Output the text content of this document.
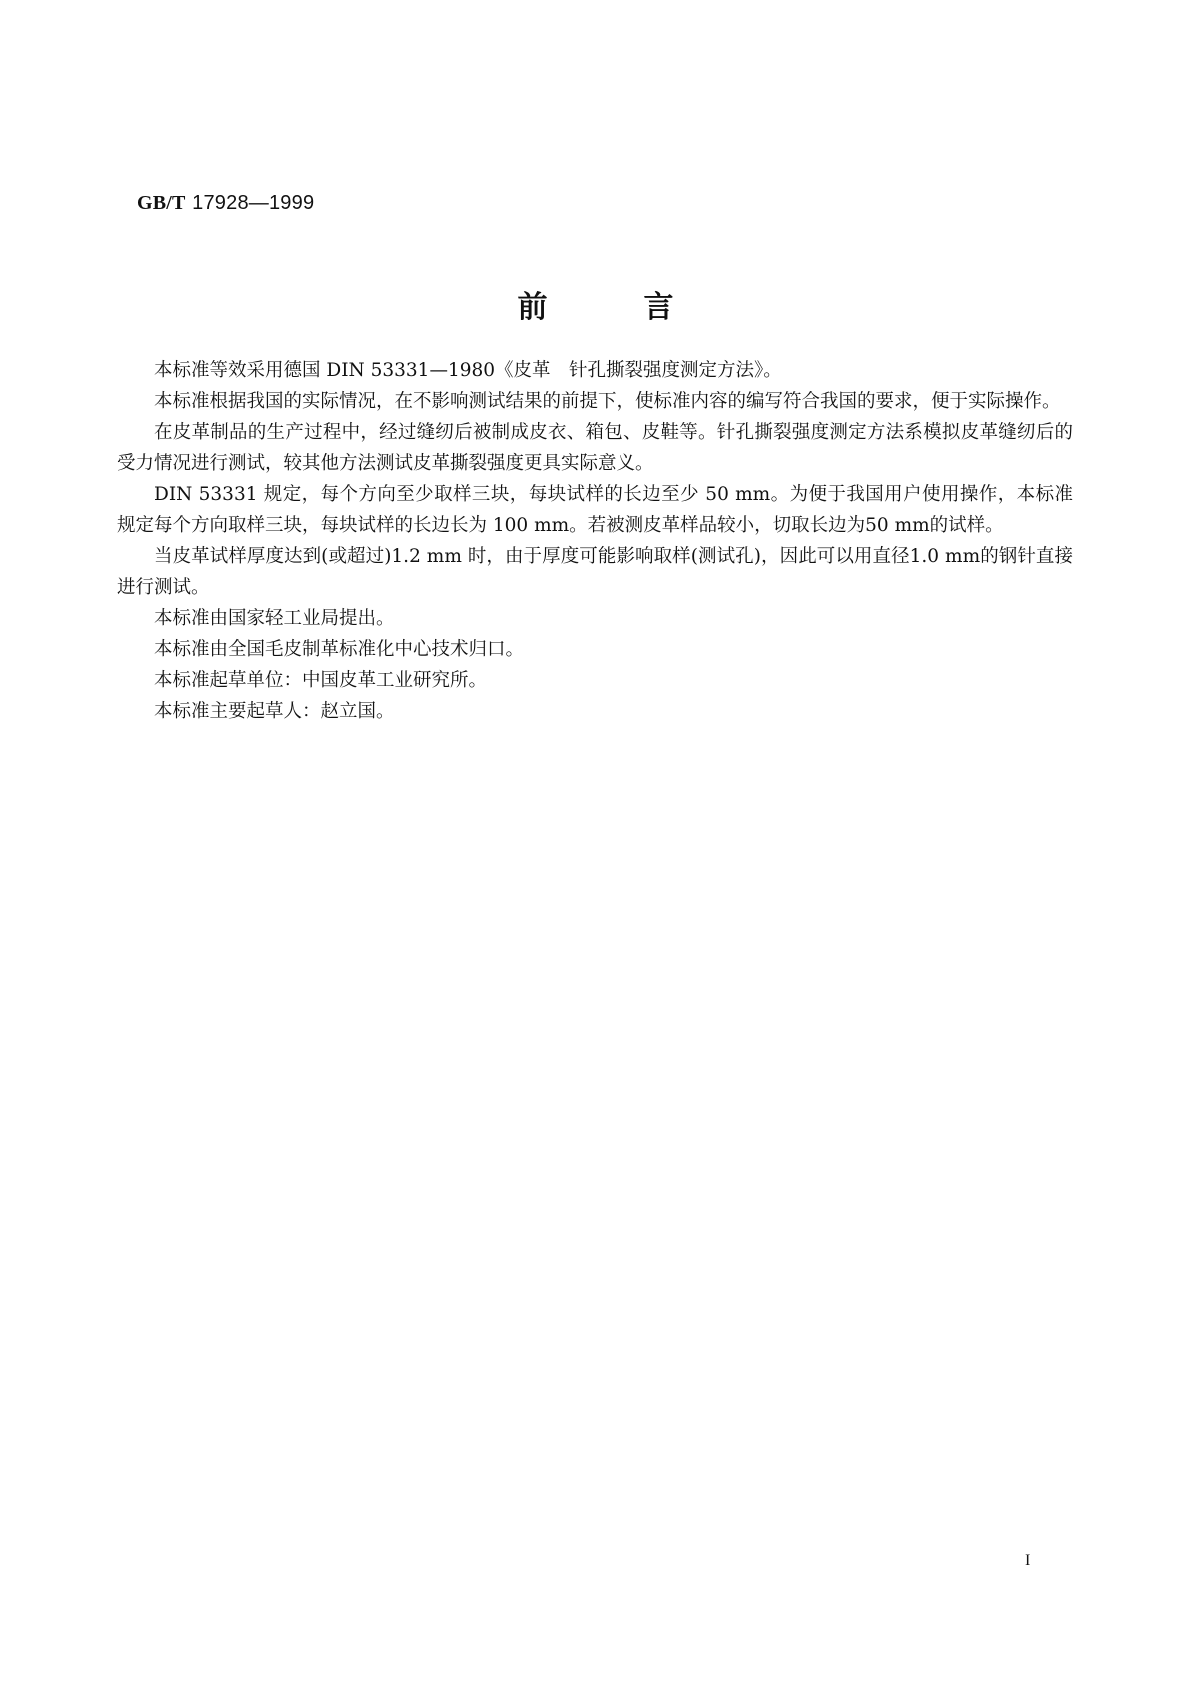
GB/T 17928—1999
前	言

本标准等效采用德国 DIN 53331—1980《皮革　针孔撕裂强度测定方法》。

本标准根据我国的实际情况，在不影响测试结果的前提下，使标准内容的编写符合我国的要求，便于实际操作。

在皮革制品的生产过程中，经过缝纫后被制成皮衣、箱包、皮鞋等。针孔撕裂强度测定方法系模拟皮革缝纫后的受力情况进行测试，较其他方法测试皮革撕裂强度更具实际意义。

DIN 53331 规定，每个方向至少取样三块，每块试样的长边至少 50 mm。为便于我国用户使用操作，本标准规定每个方向取样三块，每块试样的长边长为 100 mm。若被测皮革样品较小，切取长边为50 mm的试样。

当皮革试样厚度达到(或超过)1.2 mm 时，由于厚度可能影响取样(测试孔)，因此可以用直径1.0 mm的钢针直接进行测试。

本标准由国家轻工业局提出。

本标准由全国毛皮制革标准化中心技术归口。

本标准起草单位：中国皮革工业研究所。

本标准主要起草人：赵立国。

I
